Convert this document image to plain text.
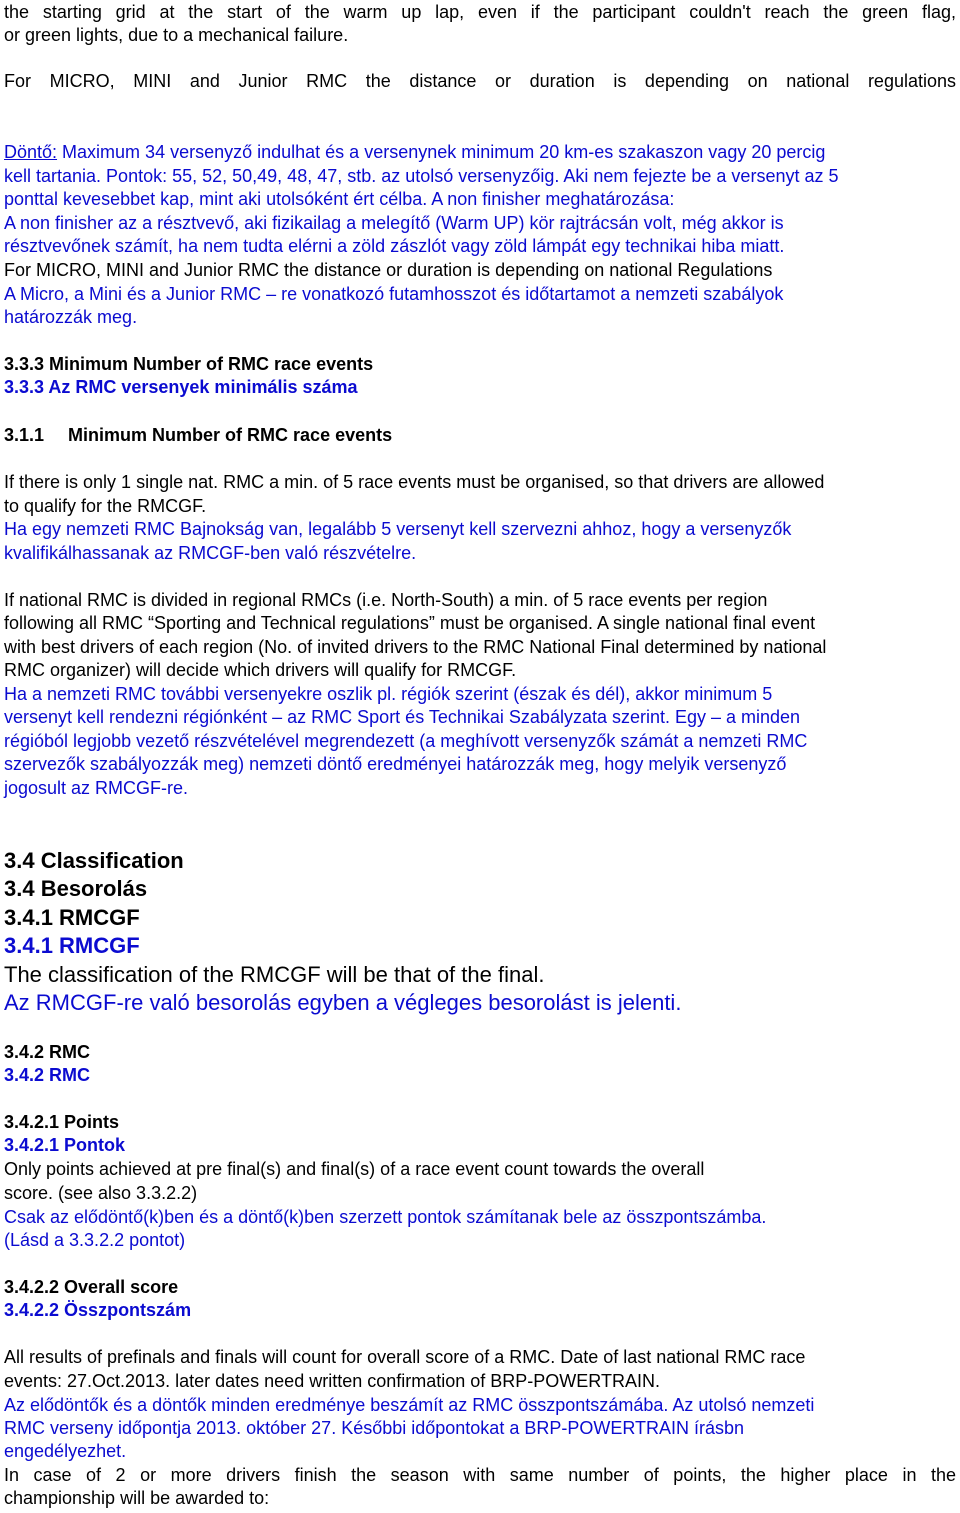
the starting grid at the start of the warm up lap, even if the participant couldn't reach the green flag,
or green lights, due to a mechanical failure.
For MICRO, MINI and Junior RMC the distance or duration is depending on national regulations
Döntő: Maximum 34 versenyző indulhat és a versenynek minimum 20 km-es szakaszon vagy 20 percig
kell tartania. Pontok: 55, 52, 50,49, 48, 47, stb. az utolsó versenyzőig. Aki nem fejezte be a versenyt az 5
ponttal kevesebbet kap, mint aki utolsóként ért célba. A non finisher meghatározása:
A non finisher az a résztvevő, aki fizikailag a melegítő (Warm UP) kör rajtrácsán volt, még akkor is
résztvevőnek számít, ha nem tudta elérni a zöld zászlót vagy zöld lámpát egy technikai hiba miatt.
For MICRO, MINI and Junior RMC the distance or duration is depending on national Regulations
A Micro, a Mini és a Junior RMC – re vonatkozó futamhosszot és időtartamot a nemzeti szabályok
határozzák meg.
3.3.3 Minimum Number of RMC race events
3.3.3 Az RMC versenyek minimális száma
3.1.1 Minimum Number of RMC race events
If there is only 1 single nat. RMC a min. of 5 race events must be organised, so that drivers are allowed
to qualify for the RMCGF.
Ha egy nemzeti RMC Bajnokság van, legalább 5 versenyt kell szervezni ahhoz, hogy a versenyzők
kvalifikálhassanak az RMCGF-ben való részvételre.
If national RMC is divided in regional RMCs (i.e. North-South) a min. of 5 race events per region
following all RMC “Sporting and Technical regulations” must be organised. A single national final event
with best drivers of each region (No. of invited drivers to the RMC National Final determined by national
RMC organizer) will decide which drivers will qualify for RMCGF.
Ha a nemzeti RMC további versenyekre oszlik pl. régiók szerint (észak és dél), akkor minimum 5
versenyt kell rendezni régiónként – az RMC Sport és Technikai Szabályzata szerint. Egy – a minden
régióból legjobb vezető részvételével megrendezett (a meghívott versenyzők számát a nemzeti RMC
szervezők szabályozzák meg) nemzeti döntő eredményei határozzák meg, hogy melyik versenyző
jogosult az RMCGF-re.
3.4 Classification
3.4 Besorolás
3.4.1 RMCGF
3.4.1 RMCGF
The classification of the RMCGF will be that of the final.
Az RMCGF-re való besorolás egyben a végleges besorolást is jelenti.
3.4.2 RMC
3.4.2 RMC
3.4.2.1 Points
3.4.2.1 Pontok
Only points achieved at pre final(s) and final(s) of a race event count towards the overall
score. (see also 3.3.2.2)
Csak az elődöntő(k)ben és a döntő(k)ben szerzett pontok számítanak bele az összpontszámba.
(Lásd a 3.3.2.2 pontot)
3.4.2.2 Overall score
3.4.2.2 Összpontszám
All results of prefinals and finals will count for overall score of a RMC. Date of last national RMC race
events: 27.Oct.2013. later dates need written confirmation of BRP-POWERTRAIN.
Az elődöntők és a döntők minden eredménye beszámít az RMC összpontszámába. Az utolsó nemzeti
RMC verseny időpontja 2013. október 27. Későbbi időpontokat a BRP-POWERTRAIN írásbn
engedélyezhet.
In case of 2 or more drivers finish the season with same number of points, the higher place in the
championship will be awarded to:
